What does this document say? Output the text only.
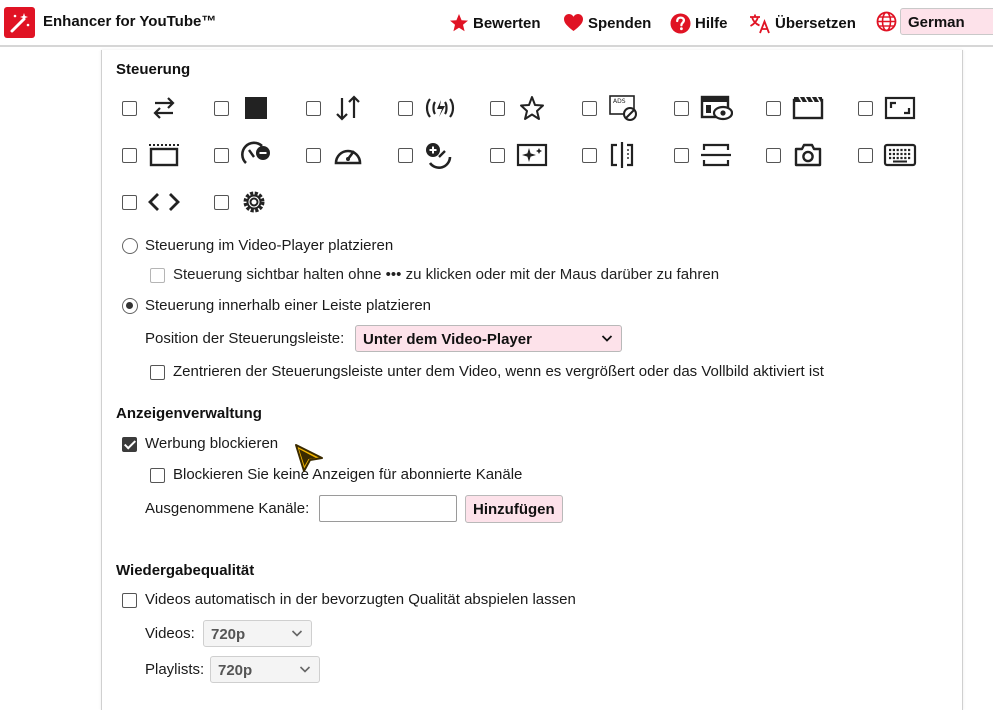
Enhancer for YouTube™	Bewerten	Spenden	Hilfe	Übersetzen	German
Steuerung
ADS
Steuerung im Video-Player platzieren
Steuerung sichtbar halten ohne ••• zu klicken oder mit der Maus darüber zu fahren
Steuerung innerhalb einer Leiste platzieren
Position der Steuerungsleiste:	Unter dem Video-Player
Zentrieren der Steuerungsleiste unter dem Video, wenn es vergrößert oder das Vollbild aktiviert ist
Anzeigenverwaltung
Werbung blockieren
Blockieren Sie keine Anzeigen für abonnierte Kanäle
Ausgenommene Kanäle:	Hinzufügen
Wiedergabequalität
Videos automatisch in der bevorzugten Qualität abspielen lassen
Videos:	720p
Playlists: 720p
